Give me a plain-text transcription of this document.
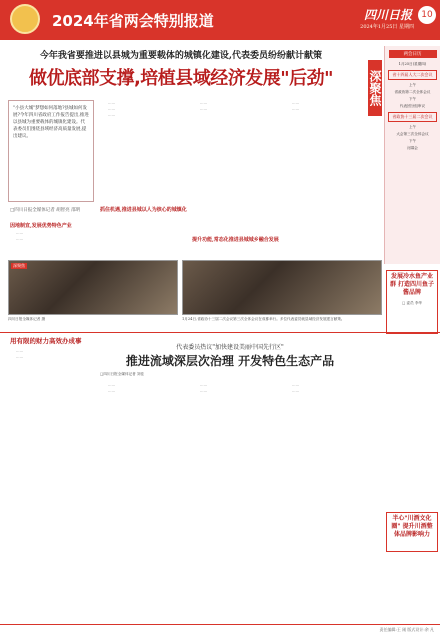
2024年省两会特别报道	四川日报
2024年1月25日 星期四
10
今年我省要推进以县城为重要载体的城镇化建设,代表委员纷纷献计献策
做优底部支撑,培植县域经济发展"后劲"	深聚焦
"小县大城"梦想如何落地?县城如何发展?今年四川省政府工作报告提出,推进以县城为重要载体的城镇化建设。代表委员们围绕县域经济高质量发展,提出建议。
□四川日报全媒体记者 胡智亮 邵明
因地制宜,发展优势特色产业

......

......

......

......

......

抓住机遇,推进县城以人为核心的城镇化

......

......

提升功能,常态化推进县城城乡融合发展

......

......

深聚焦
四川日报全媒体记者 摄	1月24日,省政协十三届二次会议第三次全体会议在成都举行。多位代表委员就县域经济发展建言献策。
两会日历
1月25日(星期四)
省十四届人大二次会议
上午
省政协第二次全体会议
下午
代表团分组审议
省政协十三届二次会议
上午
大会第三次全体会议
下午
闭幕会
发展冷水鱼产业群 打造四川鱼子酱品牌
□ 委员 李华
用有限的财力高效办成事
代表委员热议"加快建设美丽中国先行区"
推进流域深层次治理 开发特色生态产品
□四川日报全媒体记者 刘佳

......

......

......

......

......

......

......

......

半心"川酒文化圈" 提升川酒整体品牌影响力
责任编辑:王 刚 版式设计:余 凡
